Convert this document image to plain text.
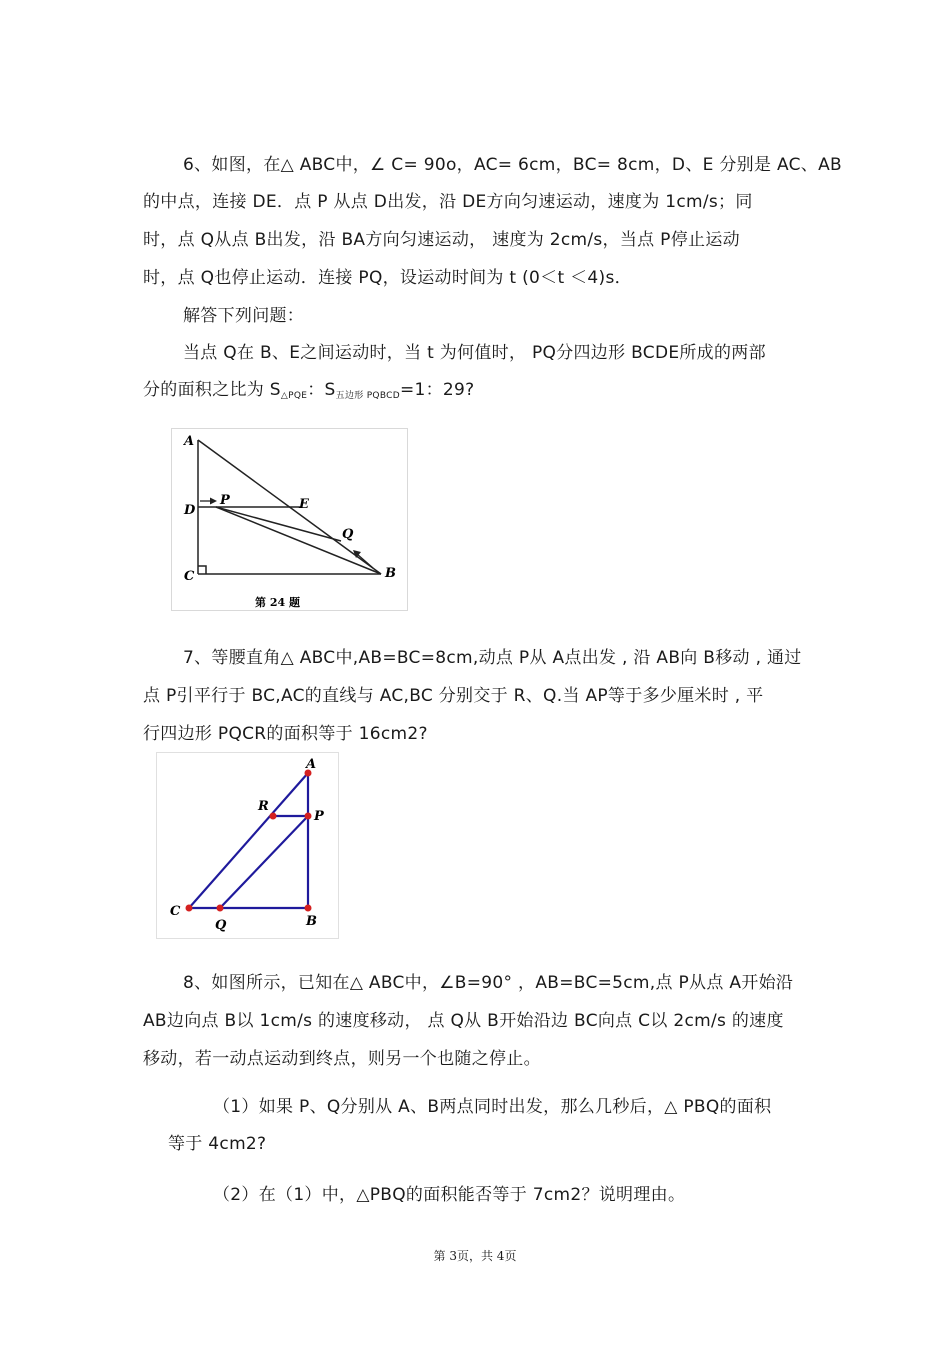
6、如图，在△ ABC中，∠ C= 90o，AC= 6cm，BC= 8cm，D、E 分别是 AC、AB
的中点，连接 DE．点 P 从点 D出发，沿 DE方向匀速运动，速度为 1cm/s；同
时，点 Q从点 B出发，沿 BA方向匀速运动， 速度为 2cm/s，当点 P停止运动
时，点 Q也停止运动．连接 PQ，设运动时间为 t (0＜t ＜4)s．
解答下列问题：
当点 Q在 B、E之间运动时，当 t 为何值时， PQ分四边形 BCDE所成的两部
分的面积之比为 S△PQE：S五边形 PQBCD=1：29?
A
D
P	E
Q
C	B
第 24 题
7、等腰直角△ ABC中,AB=BC=8cm,动点 P从 A点出发 , 沿 AB向 B移动 , 通过
点 P引平行于 BC,AC的直线与 AC,BC 分别交于 R、Q.当 AP等于多少厘米时 , 平
行四边形 PQCR的面积等于 16cm2?
A
R
P
C
Q	B
8、如图所示，已知在△ ABC中，∠B=90° ，AB=BC=5cm,点 P从点 A开始沿
AB边向点 B以 1cm/s 的速度移动， 点 Q从 B开始沿边 BC向点 C以 2cm/s 的速度
移动，若一动点运动到终点，则另一个也随之停止。
（1）如果 P、Q分别从 A、B两点同时出发，那么几秒后，△ PBQ的面积
等于 4cm2?
（2）在（1）中，△PBQ的面积能否等于 7cm2？说明理由。
第 3页，共 4页
